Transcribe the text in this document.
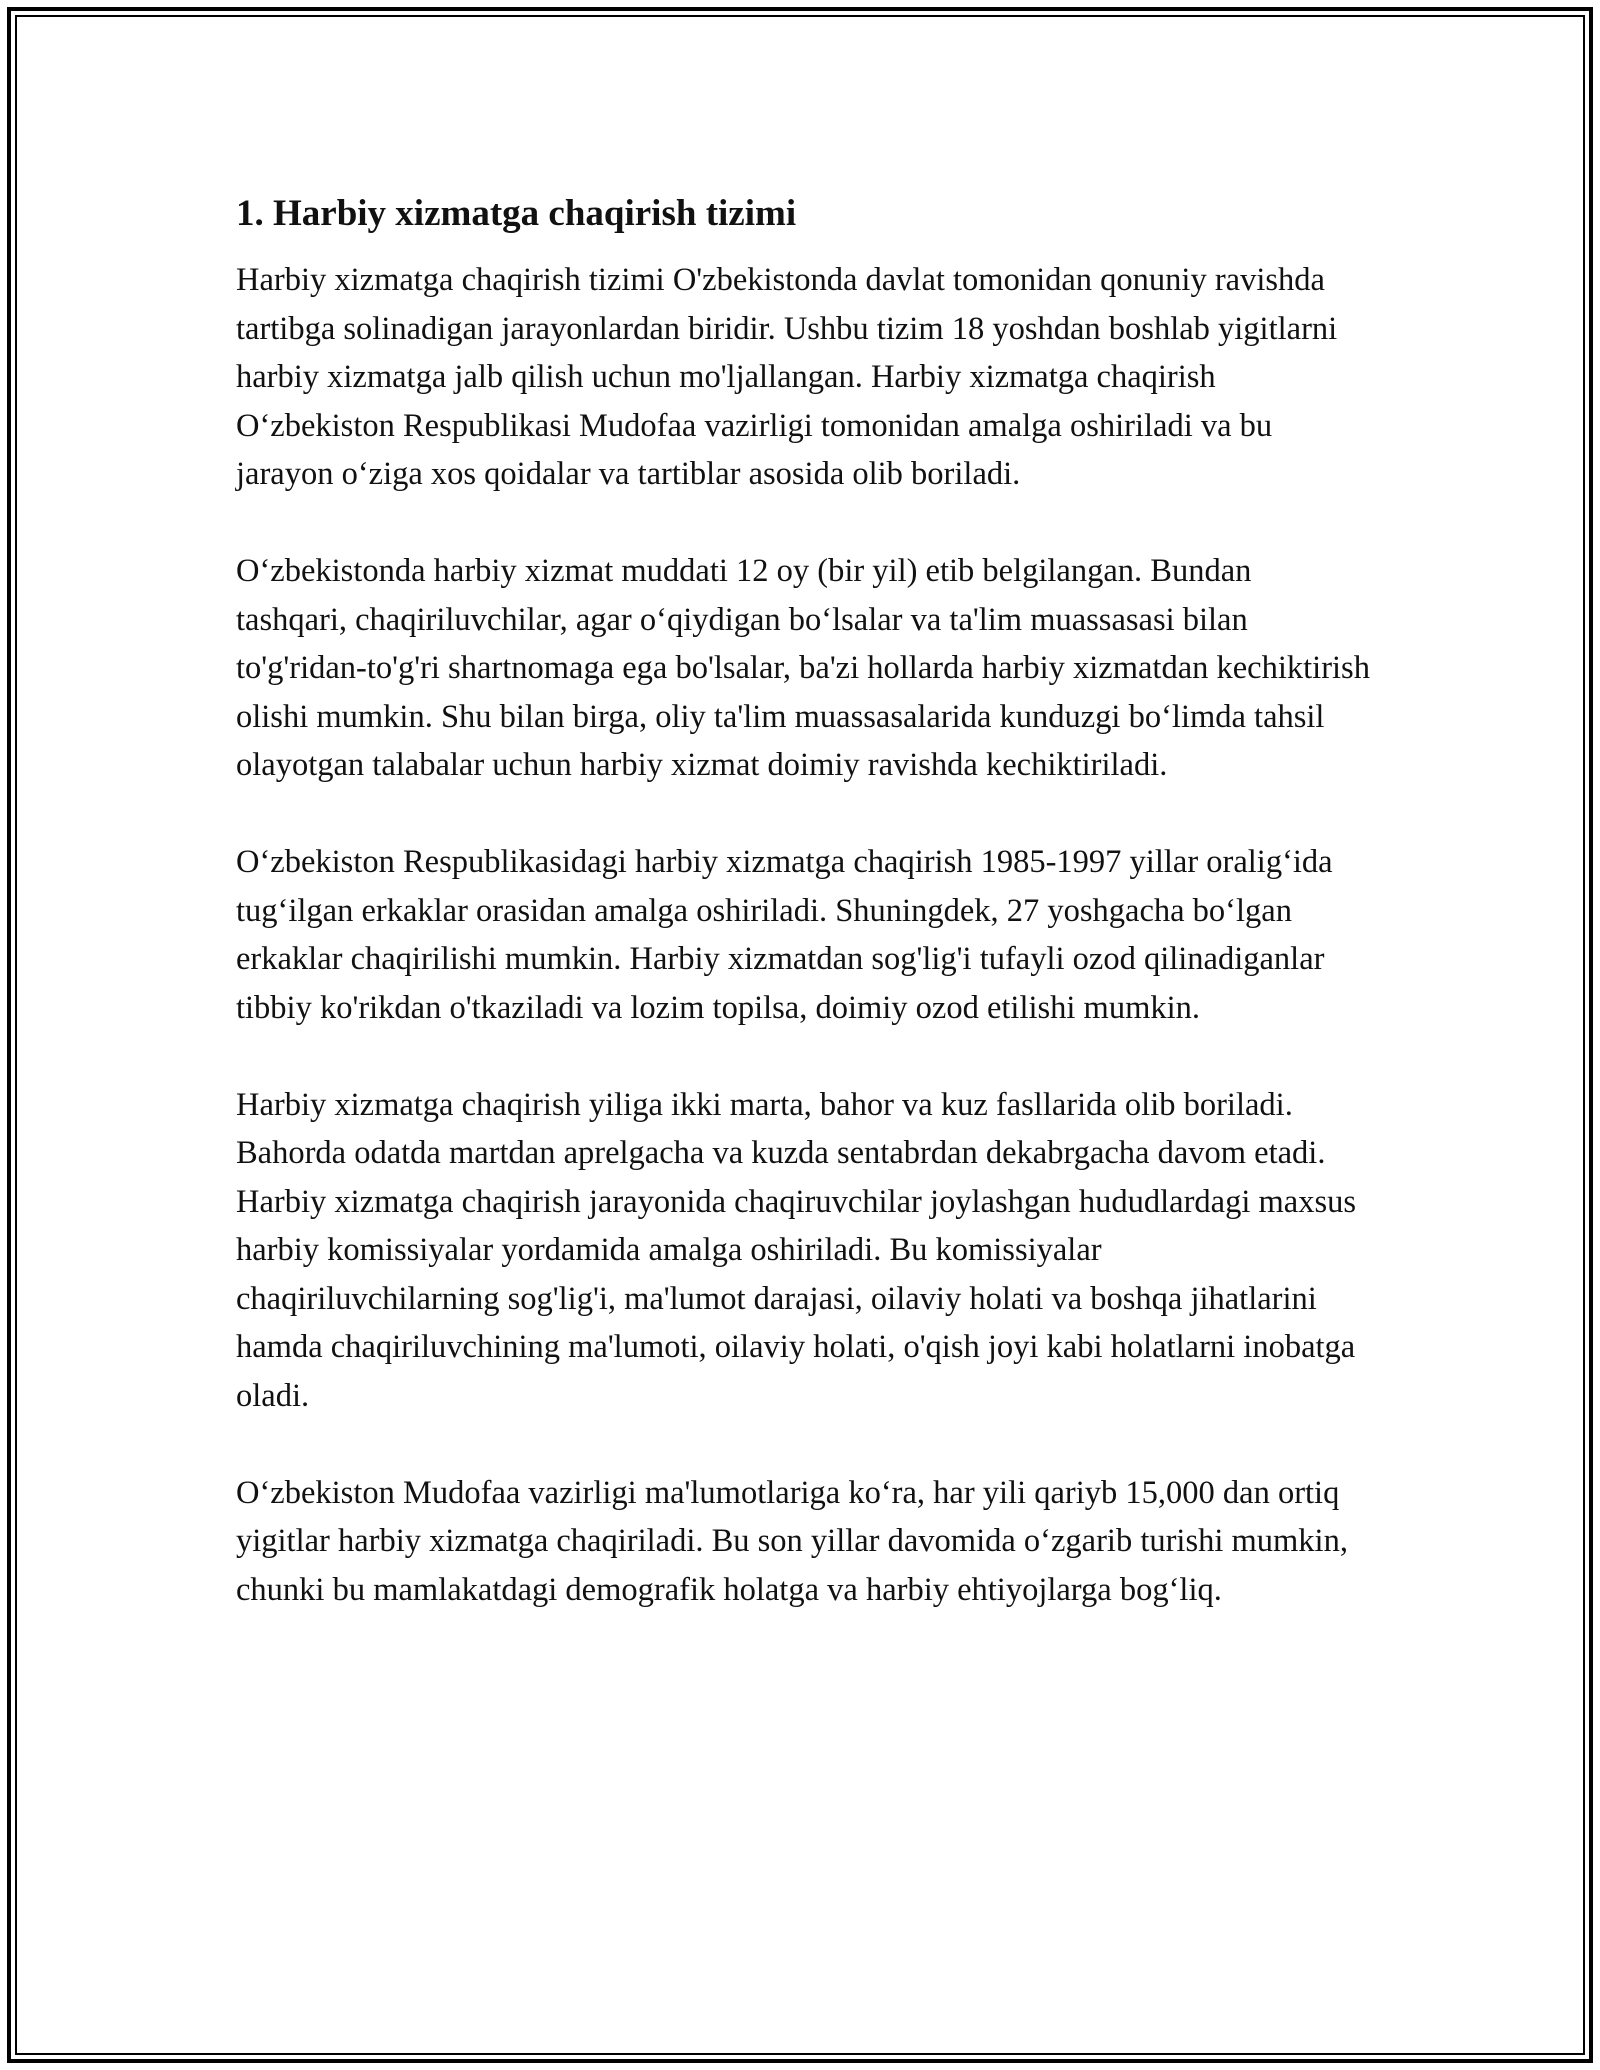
1. Harbiy xizmatga chaqirish tizimi

Harbiy xizmatga chaqirish tizimi O'zbekistonda davlat tomonidan qonuniy ravishda tartibga solinadigan jarayonlardan biridir. Ushbu tizim 18 yoshdan boshlab yigitlarni harbiy xizmatga jalb qilish uchun mo'ljallangan. Harbiy xizmatga chaqirish O‘zbekiston Respublikasi Mudofaa vazirligi tomonidan amalga oshiriladi va bu jarayon o‘ziga xos qoidalar va tartiblar asosida olib boriladi.

O‘zbekistonda harbiy xizmat muddati 12 oy (bir yil) etib belgilangan. Bundan tashqari, chaqiriluvchilar, agar o‘qiydigan bo‘lsalar va ta'lim muassasasi bilan to'g'ridan-to'g'ri shartnomaga ega bo'lsalar, ba'zi hollarda harbiy xizmatdan kechiktirish olishi mumkin. Shu bilan birga, oliy ta'lim muassasalarida kunduzgi bo‘limda tahsil olayotgan talabalar uchun harbiy xizmat doimiy ravishda kechiktiriladi.

O‘zbekiston Respublikasidagi harbiy xizmatga chaqirish 1985-1997 yillar oralig‘ida tug‘ilgan erkaklar orasidan amalga oshiriladi. Shuningdek, 27 yoshgacha bo‘lgan erkaklar chaqirilishi mumkin. Harbiy xizmatdan sog'lig'i tufayli ozod qilinadiganlar tibbiy ko'rikdan o'tkaziladi va lozim topilsa, doimiy ozod etilishi mumkin.

Harbiy xizmatga chaqirish yiliga ikki marta, bahor va kuz fasllarida olib boriladi. Bahorda odatda martdan aprelgacha va kuzda sentabrdan dekabrgacha davom etadi. Harbiy xizmatga chaqirish jarayonida chaqiruvchilar joylashgan hududlardagi maxsus harbiy komissiyalar yordamida amalga oshiriladi. Bu komissiyalar chaqiriluvchilarning sog'lig'i, ma'lumot darajasi, oilaviy holati va boshqa jihatlarini hamda chaqiriluvchining ma'lumoti, oilaviy holati, o'qish joyi kabi holatlarni inobatga oladi.

O‘zbekiston Mudofaa vazirligi ma'lumotlariga ko‘ra, har yili qariyb 15,000 dan ortiq yigitlar harbiy xizmatga chaqiriladi. Bu son yillar davomida o‘zgarib turishi mumkin, chunki bu mamlakatdagi demografik holatga va harbiy ehtiyojlarga bog‘liq.
